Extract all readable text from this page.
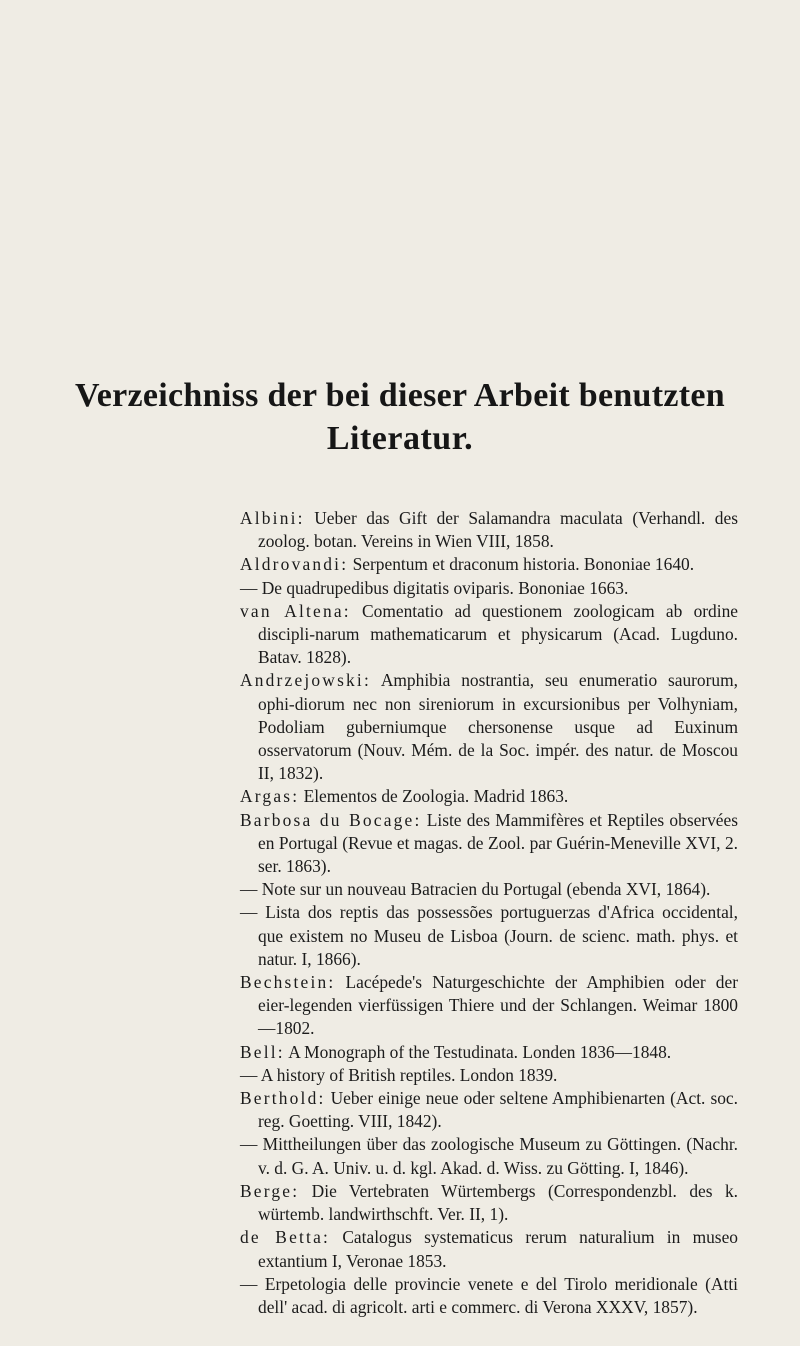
Verzeichniss der bei dieser Arbeit benutzten
Literatur.

Albini: Ueber das Gift der Salamandra maculata (Verhandl. des zoolog. botan. Vereins in Wien VIII, 1858.

Aldrovandi: Serpentum et draconum historia. Bononiae 1640.

— De quadrupedibus digitatis oviparis. Bononiae 1663.

van Altena: Comentatio ad questionem zoologicam ab ordine discipli-narum mathematicarum et physicarum (Acad. Lugduno. Batav. 1828).

Andrzejowski: Amphibia nostrantia, seu enumeratio saurorum, ophi-diorum nec non sireniorum in excursionibus per Volhyniam, Podoliam guberniumque chersonense usque ad Euxinum osservatorum (Nouv. Mém. de la Soc. impér. des natur. de Moscou II, 1832).

Argas: Elementos de Zoologia. Madrid 1863.

Barbosa du Bocage: Liste des Mammifères et Reptiles observées en Portugal (Revue et magas. de Zool. par Guérin-Meneville XVI, 2. ser. 1863).

— Note sur un nouveau Batracien du Portugal (ebenda XVI, 1864).

— Lista dos reptis das possessões portuguerzas d'Africa occidental, que existem no Museu de Lisboa (Journ. de scienc. math. phys. et natur. I, 1866).

Bechstein: Lacépede's Naturgeschichte der Amphibien oder der eier-legenden vierfüssigen Thiere und der Schlangen. Weimar 1800—1802.

Bell: A Monograph of the Testudinata. Londen 1836—1848.

— A history of British reptiles. London 1839.

Berthold: Ueber einige neue oder seltene Amphibienarten (Act. soc. reg. Goetting. VIII, 1842).

— Mittheilungen über das zoologische Museum zu Göttingen. (Nachr. v. d. G. A. Univ. u. d. kgl. Akad. d. Wiss. zu Götting. I, 1846).

Berge: Die Vertebraten Würtembergs (Correspondenzbl. des k. würtemb. landwirthschft. Ver. II, 1).

de Betta: Catalogus systematicus rerum naturalium in museo extantium I, Veronae 1853.

— Erpetologia delle provincie venete e del Tirolo meridionale (Atti dell' acad. di agricolt. arti e commerc. di Verona XXXV, 1857).
